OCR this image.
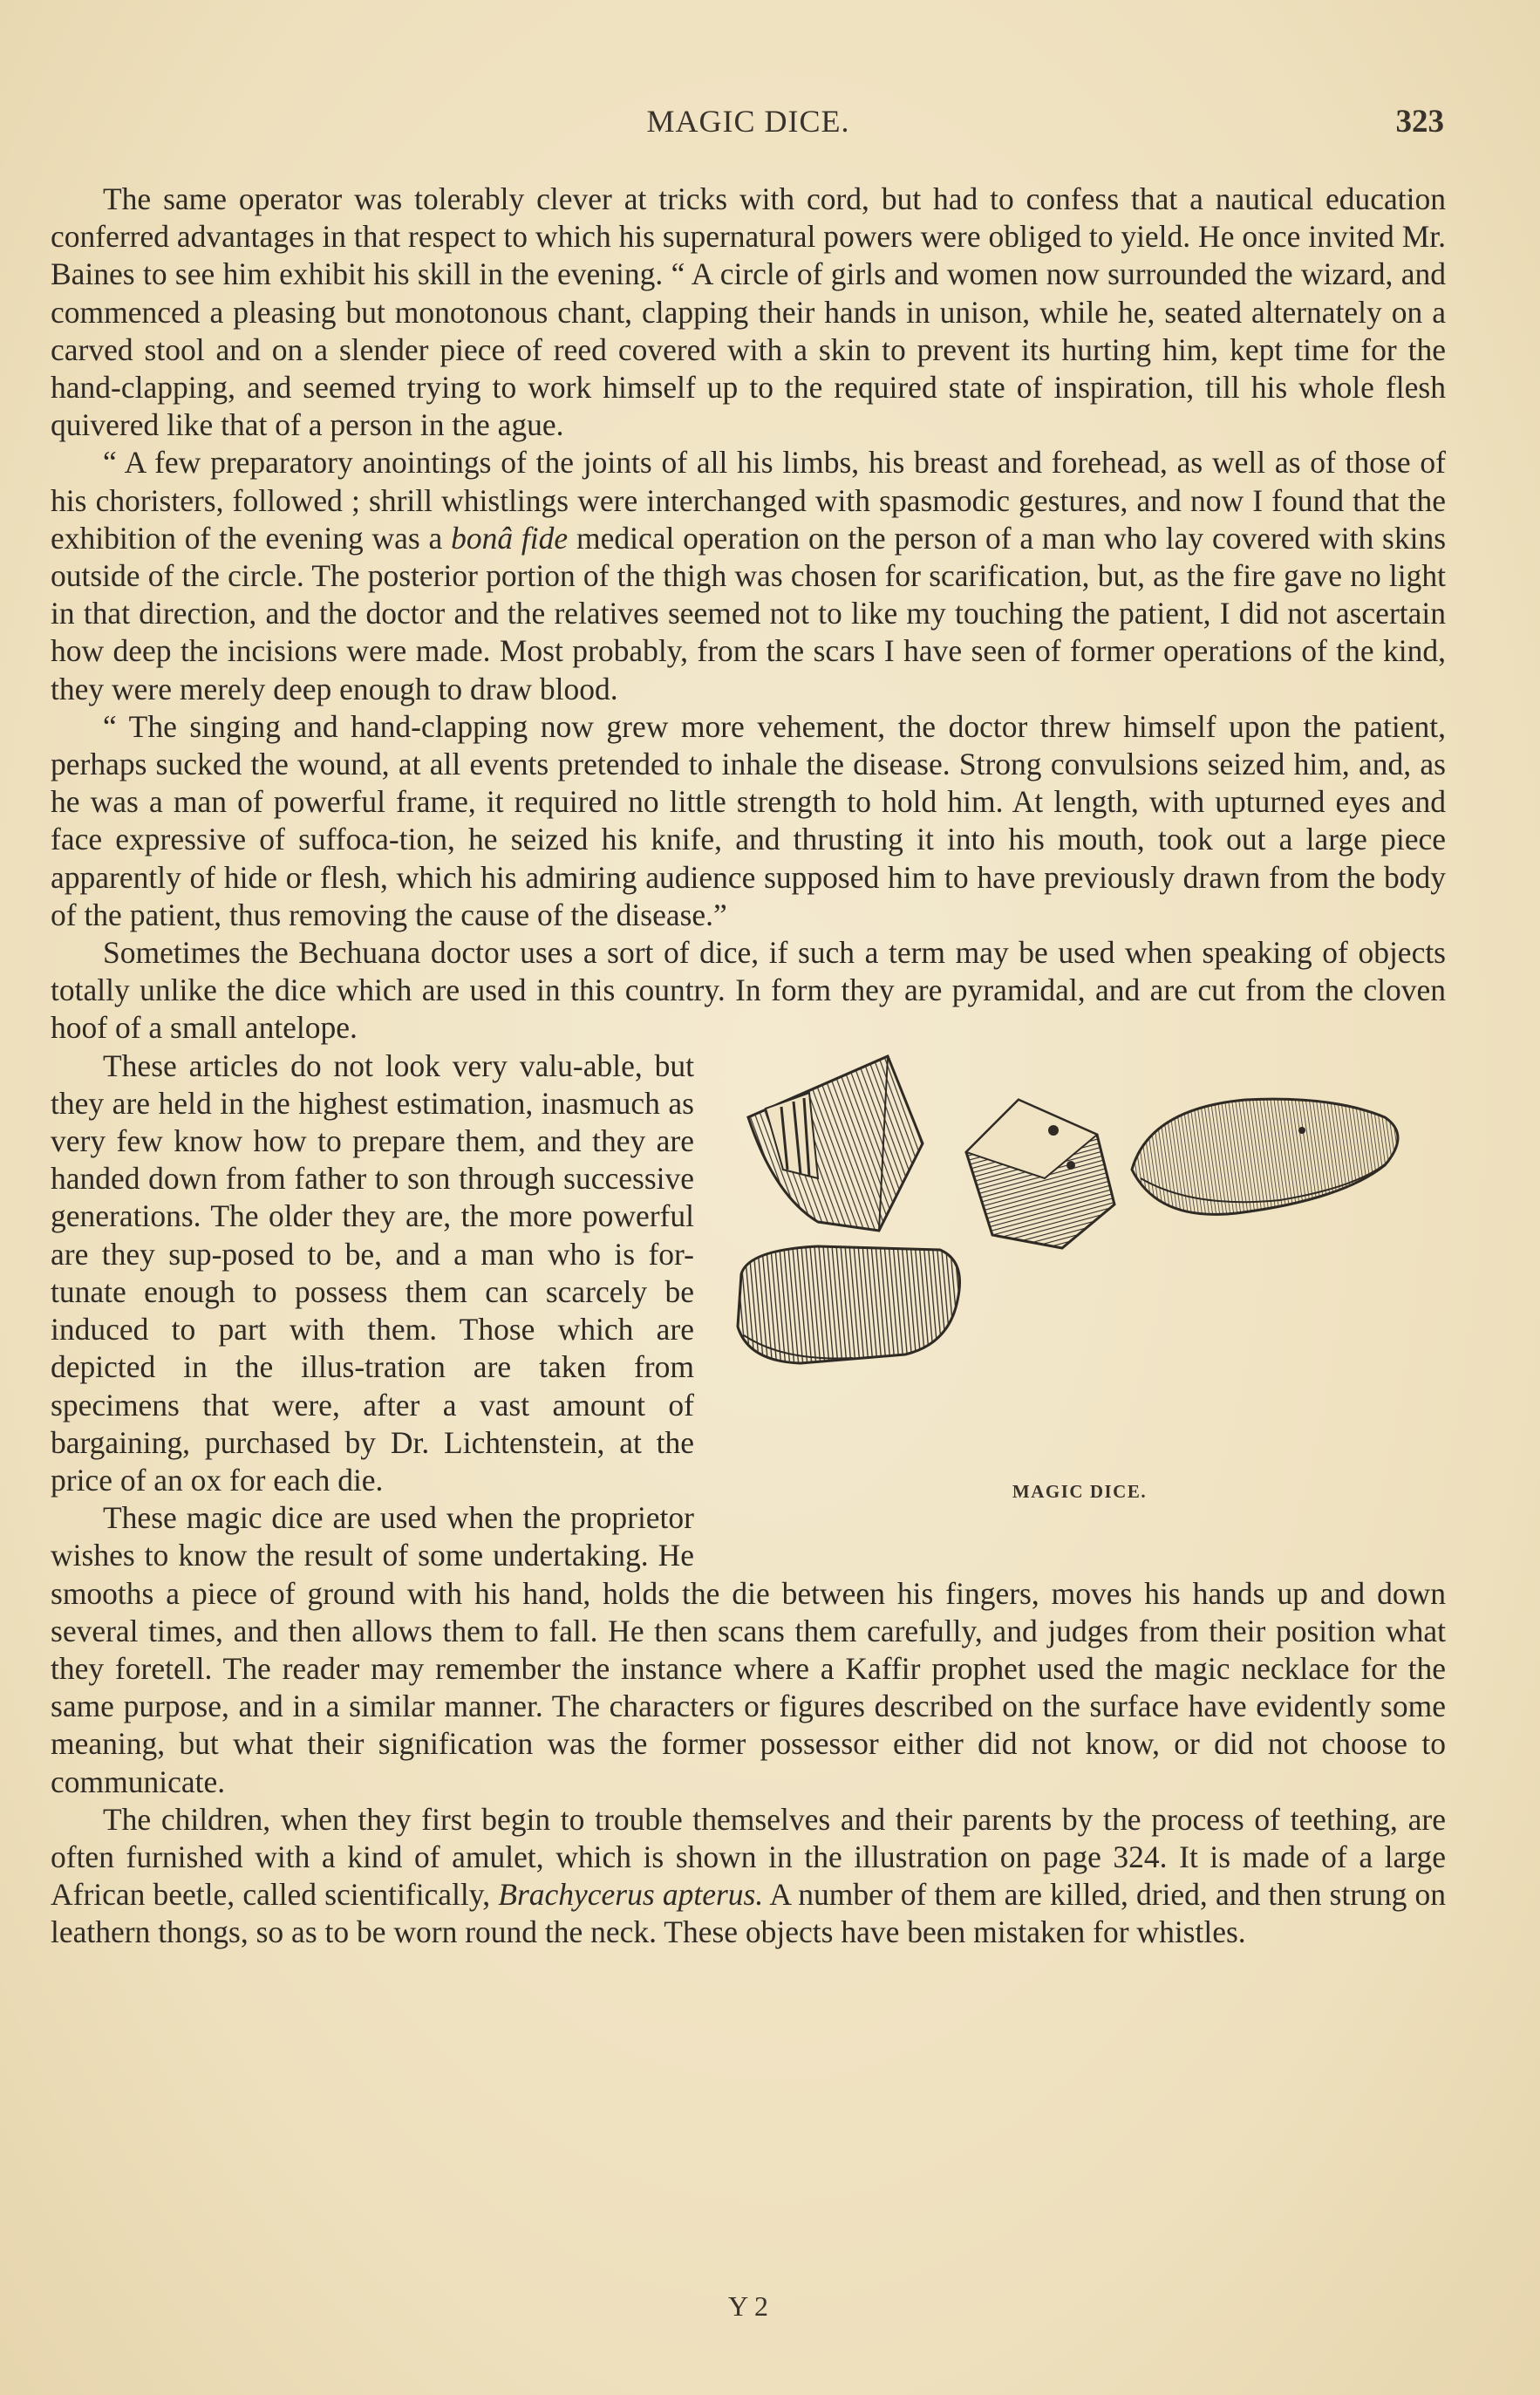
MAGIC DICE.	323

The same operator was tolerably clever at tricks with cord, but had to confess that a nautical education conferred advantages in that respect to which his supernatural powers were obliged to yield. He once invited Mr. Baines to see him exhibit his skill in the evening. “ A circle of girls and women now surrounded the wizard, and commenced a pleasing but monotonous chant, clapping their hands in unison, while he, seated alternately on a carved stool and on a slender piece of reed covered with a skin to prevent its hurting him, kept time for the hand-clapping, and seemed trying to work himself up to the required state of inspiration, till his whole flesh quivered like that of a person in the ague.

“ A few preparatory anointings of the joints of all his limbs, his breast and forehead, as well as of those of his choristers, followed ; shrill whistlings were interchanged with spasmodic gestures, and now I found that the exhibition of the evening was a bonâ fide medical operation on the person of a man who lay covered with skins outside of the circle. The posterior portion of the thigh was chosen for scarification, but, as the fire gave no light in that direction, and the doctor and the relatives seemed not to like my touching the patient, I did not ascertain how deep the incisions were made. Most probably, from the scars I have seen of former operations of the kind, they were merely deep enough to draw blood.

“ The singing and hand-clapping now grew more vehement, the doctor threw himself upon the patient, perhaps sucked the wound, at all events pretended to inhale the disease. Strong convulsions seized him, and, as he was a man of powerful frame, it required no little strength to hold him. At length, with upturned eyes and face expressive of suffoca-tion, he seized his knife, and thrusting it into his mouth, took out a large piece apparently of hide or flesh, which his admiring audience supposed him to have previously drawn from the body of the patient, thus removing the cause of the disease.”

Sometimes the Bechuana doctor uses a sort of dice, if such a term may be used when speaking of objects totally unlike the dice which are used in this country. In form they are pyramidal, and are cut from the cloven hoof of a small antelope.

MAGIC DICE.

These articles do not look very valu-able, but they are held in the highest estimation, inasmuch as very few know how to prepare them, and they are handed down from father to son through successive generations. The older they are, the more powerful are they sup-posed to be, and a man who is for-tunate enough to possess them can scarcely be induced to part with them. Those which are depicted in the illus-tration are taken from specimens that were, after a vast amount of bargaining, purchased by Dr. Lichtenstein, at the price of an ox for each die.

These magic dice are used when the proprietor wishes to know the result of some undertaking. He smooths a piece of ground with his hand, holds the die between his fingers, moves his hands up and down several times, and then allows them to fall. He then scans them carefully, and judges from their position what they foretell. The reader may remember the instance where a Kaffir prophet used the magic necklace for the same purpose, and in a similar manner. The characters or figures described on the surface have evidently some meaning, but what their signification was the former possessor either did not know, or did not choose to communicate.

The children, when they first begin to trouble themselves and their parents by the process of teething, are often furnished with a kind of amulet, which is shown in the illustration on page 324. It is made of a large African beetle, called scientifically, Brachycerus apterus. A number of them are killed, dried, and then strung on leathern thongs, so as to be worn round the neck. These objects have been mistaken for whistles.

Y 2
